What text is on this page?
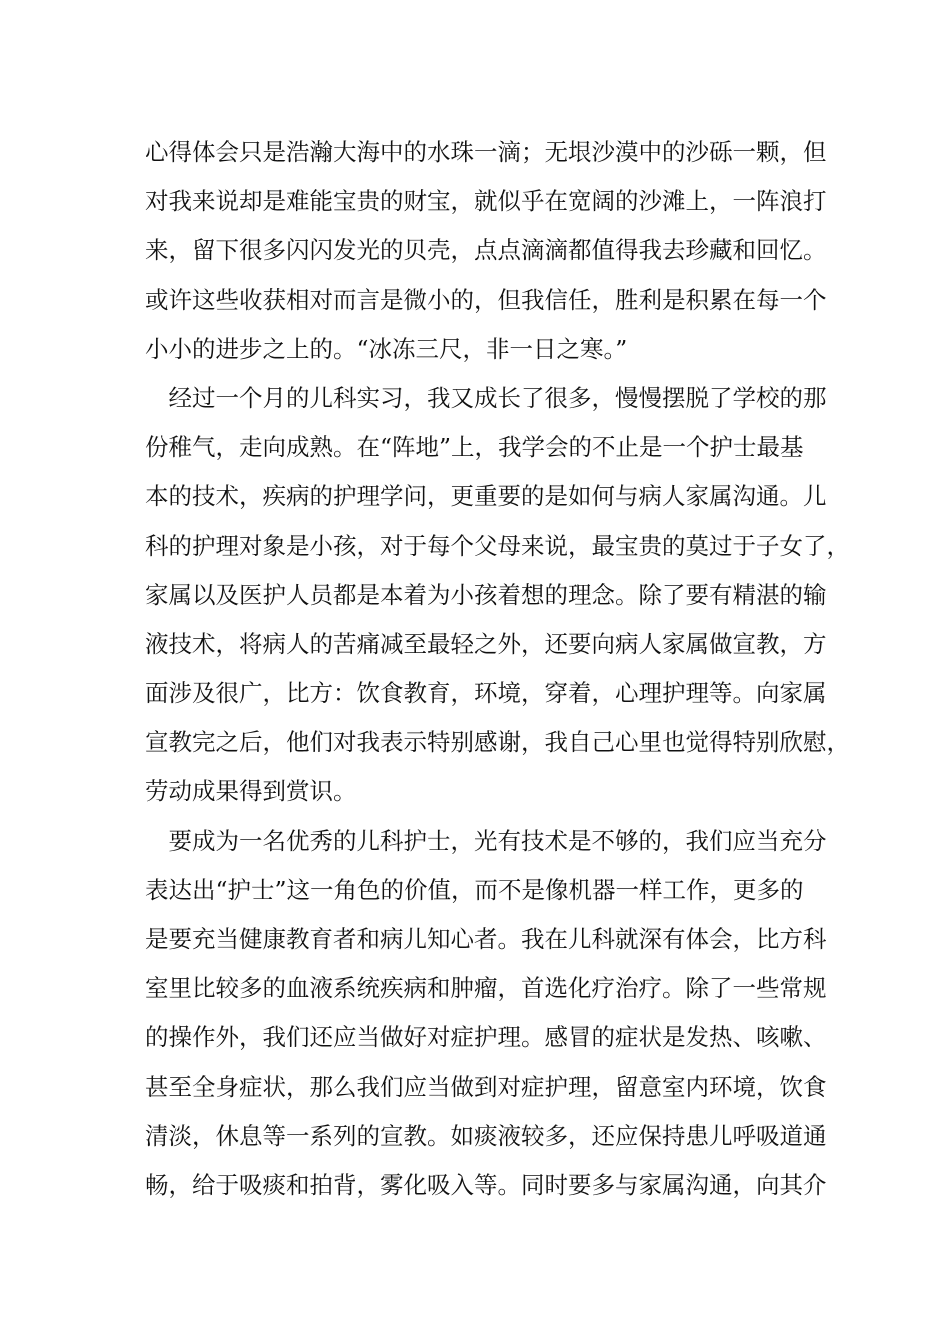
心得体会只是浩瀚大海中的水珠一滴；无垠沙漠中的沙砾一颗，但
对我来说却是难能宝贵的财宝，就似乎在宽阔的沙滩上，一阵浪打
来，留下很多闪闪发光的贝壳，点点滴滴都值得我去珍藏和回忆。
或许这些收获相对而言是微小的，但我信任，胜利是积累在每一个
小小的进步之上的。“冰冻三尺，非一日之寒。”
　经过一个月的儿科实习，我又成长了很多，慢慢摆脱了学校的那
份稚气，走向成熟。在“阵地”上，我学会的不止是一个护士最基
本的技术，疾病的护理学问，更重要的是如何与病人家属沟通。儿
科的护理对象是小孩，对于每个父母来说，最宝贵的莫过于子女了，
家属以及医护人员都是本着为小孩着想的理念。除了要有精湛的输
液技术，将病人的苦痛减至最轻之外，还要向病人家属做宣教，方
面涉及很广，比方：饮食教育，环境，穿着，心理护理等。向家属
宣教完之后，他们对我表示特别感谢，我自己心里也觉得特别欣慰，
劳动成果得到赏识。
　要成为一名优秀的儿科护士，光有技术是不够的，我们应当充分
表达出“护士”这一角色的价值，而不是像机器一样工作，更多的
是要充当健康教育者和病儿知心者。我在儿科就深有体会，比方科
室里比较多的血液系统疾病和肿瘤，首选化疗治疗。除了一些常规
的操作外，我们还应当做好对症护理。感冒的症状是发热、咳嗽、
甚至全身症状，那么我们应当做到对症护理，留意室内环境，饮食
清淡，休息等一系列的宣教。如痰液较多，还应保持患儿呼吸道通
畅，给于吸痰和拍背，雾化吸入等。同时要多与家属沟通，向其介
